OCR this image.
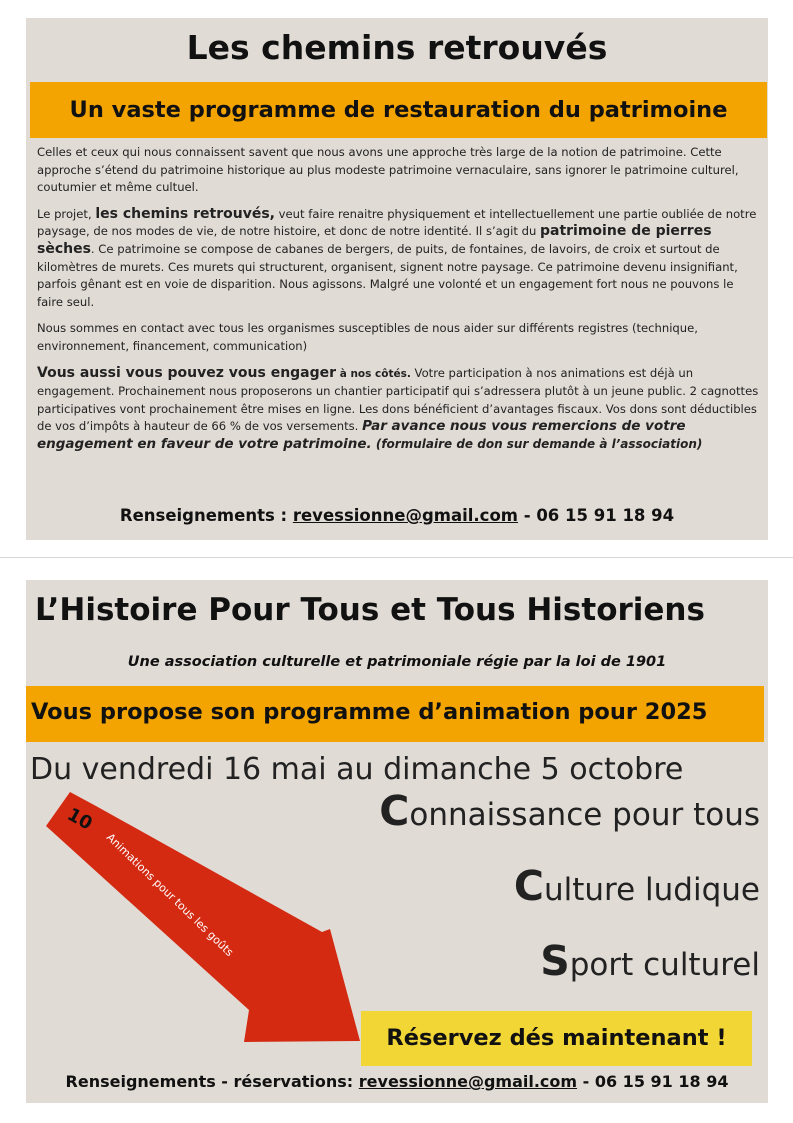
Les chemins retrouvés
Un vaste programme de restauration du patrimoine

Celles et ceux qui nous connaissent savent que nous avons une approche très large de la notion de patrimoine. Cette approche s’étend du patrimoine historique au plus modeste patrimoine vernaculaire, sans ignorer le patrimoine culturel, coutumier et même cultuel.

Le projet, les chemins retrouvés, veut faire renaitre physiquement et intellectuellement une partie oubliée de notre paysage, de nos modes de vie, de notre histoire, et donc de notre identité. Il s’agit du patrimoine de pierres sèches. Ce patrimoine se compose de cabanes de bergers, de puits, de fontaines, de lavoirs, de croix et surtout de kilomètres de murets. Ces murets qui structurent, organisent, signent notre paysage. Ce patrimoine devenu insignifiant, parfois gênant est en voie de disparition. Nous agissons. Malgré une volonté et un engagement fort nous ne pouvons le faire seul.

Nous sommes en contact avec tous les organismes susceptibles de nous aider sur différents registres (technique, environnement, financement, communication)

Vous aussi vous pouvez vous engager à nos côtés. Votre participation à nos animations est déjà un engagement. Prochainement nous proposerons un chantier participatif qui s’adressera plutôt à un jeune public. 2 cagnottes participatives vont prochainement être mises en ligne. Les dons bénéficient d’avantages fiscaux. Vos dons sont déductibles de vos d’impôts à hauteur de 66 % de vos versements. Par avance nous vous remercions de votre engagement en faveur de votre patrimoine. (formulaire de don sur demande à l’association)

Renseignements : revessionne@gmail.com - 06 15 91 18 94
10
Animations pour tous les goûts
L’Histoire Pour Tous et Tous Historiens
Une association culturelle et patrimoniale régie par la loi de 1901
Vous propose son programme d’animation pour 2025
Du vendredi 16 mai au dimanche 5 octobre
Connaissance pour tous
Culture ludique
Sport culturel
Réservez dés maintenant !
Renseignements - réservations: revessionne@gmail.com - 06 15 91 18 94
